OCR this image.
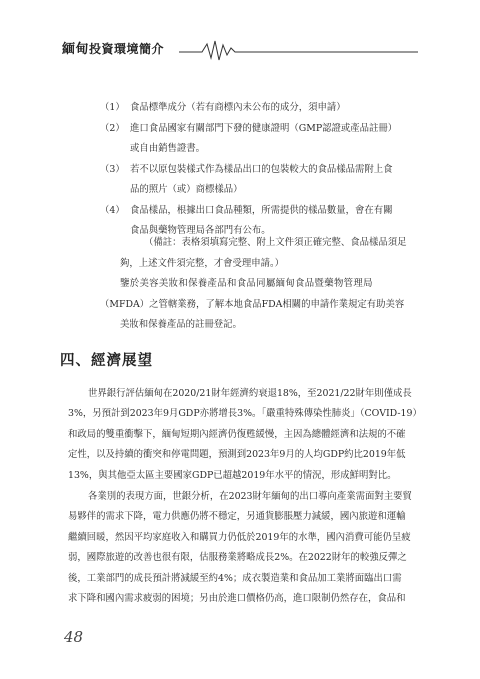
緬甸投資環境簡介
（1） 食品標準成分（若有商標內未公布的成分，須申請）
（2） 進口食品國家有關部門下發的健康證明（GMP認證或產品註冊）
或自由銷售證書。
（3） 若不以原包裝樣式作為樣品出口的包裝較大的食品樣品需附上食
品的照片（或）商標樣品）
（4） 食品樣品，根據出口食品種類，所需提供的樣品數量，會在有關
食品與藥物管理局各部門有公布。
（備註：表格須填寫完整、附上文件須正確完整、食品樣品須足
夠，上述文件須完整，才會受理申請。）
鑒於美容美妝和保養產品和食品同屬緬甸食品暨藥物管理局
（MFDA）之管轄業務，了解本地食品FDA相關的申請作業規定有助美容
美妝和保養產品的註冊登記。
四、經濟展望
世界銀行評估緬甸在2020/21財年經濟約衰退18%，至2021/22財年則僅成長
3%，另預計到2023年9月GDP亦將增長3%。「嚴重特殊傳染性肺炎」（COVID-19）
和政局的雙重衝擊下，緬甸短期內經濟仍復甦緩慢，主因為總體經濟和法規的不確
定性，以及持續的衝突和停電問題，預測到2023年9月的人均GDP約比2019年低
13%，與其他亞太區主要國家GDP已超越2019年水平的情況，形成鮮明對比。
各業別的表現方面，世銀分析，在2023財年緬甸的出口導向產業需面對主要貿
易夥伴的需求下降，電力供應仍將不穩定，另通貨膨脹壓力減緩，國內旅遊和運輸
繼續回暖，然因平均家庭收入和購買力仍低於2019年的水準，國內消費可能仍呈疲
弱，國際旅遊的改善也很有限，估服務業將略成長2%。在2022財年的較強反彈之
後，工業部門的成長預計將減緩至約4%；成衣製造業和食品加工業將面臨出口需
求下降和國內需求疲弱的困境；另由於進口價格仍高，進口限制仍然存在，食品和
48
